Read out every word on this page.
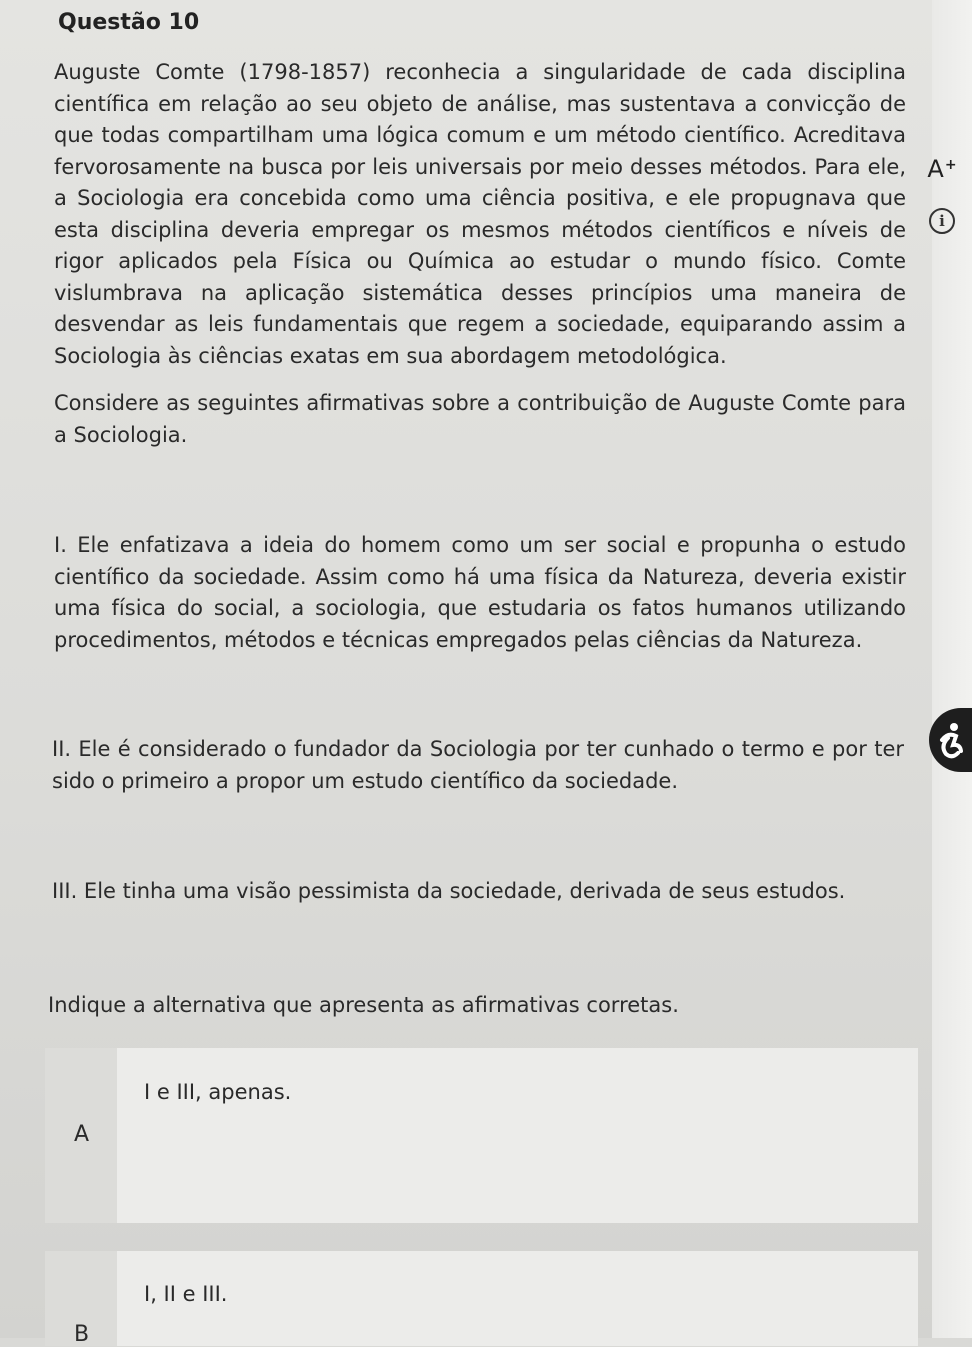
Questão 10

Auguste Comte (1798-1857) reconhecia a singularidade de cada disciplina científica em relação ao seu objeto de análise, mas sustentava a convicção de que todas compartilham uma lógica comum e um método científico. Acreditava fervorosamente na busca por leis universais por meio desses métodos. Para ele, a Sociologia era concebida como uma ciência positiva, e ele propugnava que esta disciplina deveria empregar os mesmos métodos científicos e níveis de rigor aplicados pela Física ou Química ao estudar o mundo físico. Comte vislumbrava na aplicação sistemática desses princípios uma maneira de desvendar as leis fundamentais que regem a sociedade, equiparando assim a Sociologia às ciências exatas em sua abordagem metodológica.

Considere as seguintes afirmativas sobre a contribuição de Auguste Comte para a Sociologia.

I. Ele enfatizava a ideia do homem como um ser social e propunha o estudo científico da sociedade. Assim como há uma física da Natureza, deveria existir uma física do social, a sociologia, que estudaria os fatos humanos utilizando procedimentos, métodos e técnicas empregados pelas ciências da Natureza.

II. Ele é considerado o fundador da Sociologia por ter cunhado o termo e por ter sido o primeiro a propor um estudo científico da sociedade.

III. Ele tinha uma visão pessimista da sociedade, derivada de seus estudos.

Indique a alternativa que apresenta as afirmativas corretas.

A+
i
I e III, apenas.
A
I, II e III.
B
